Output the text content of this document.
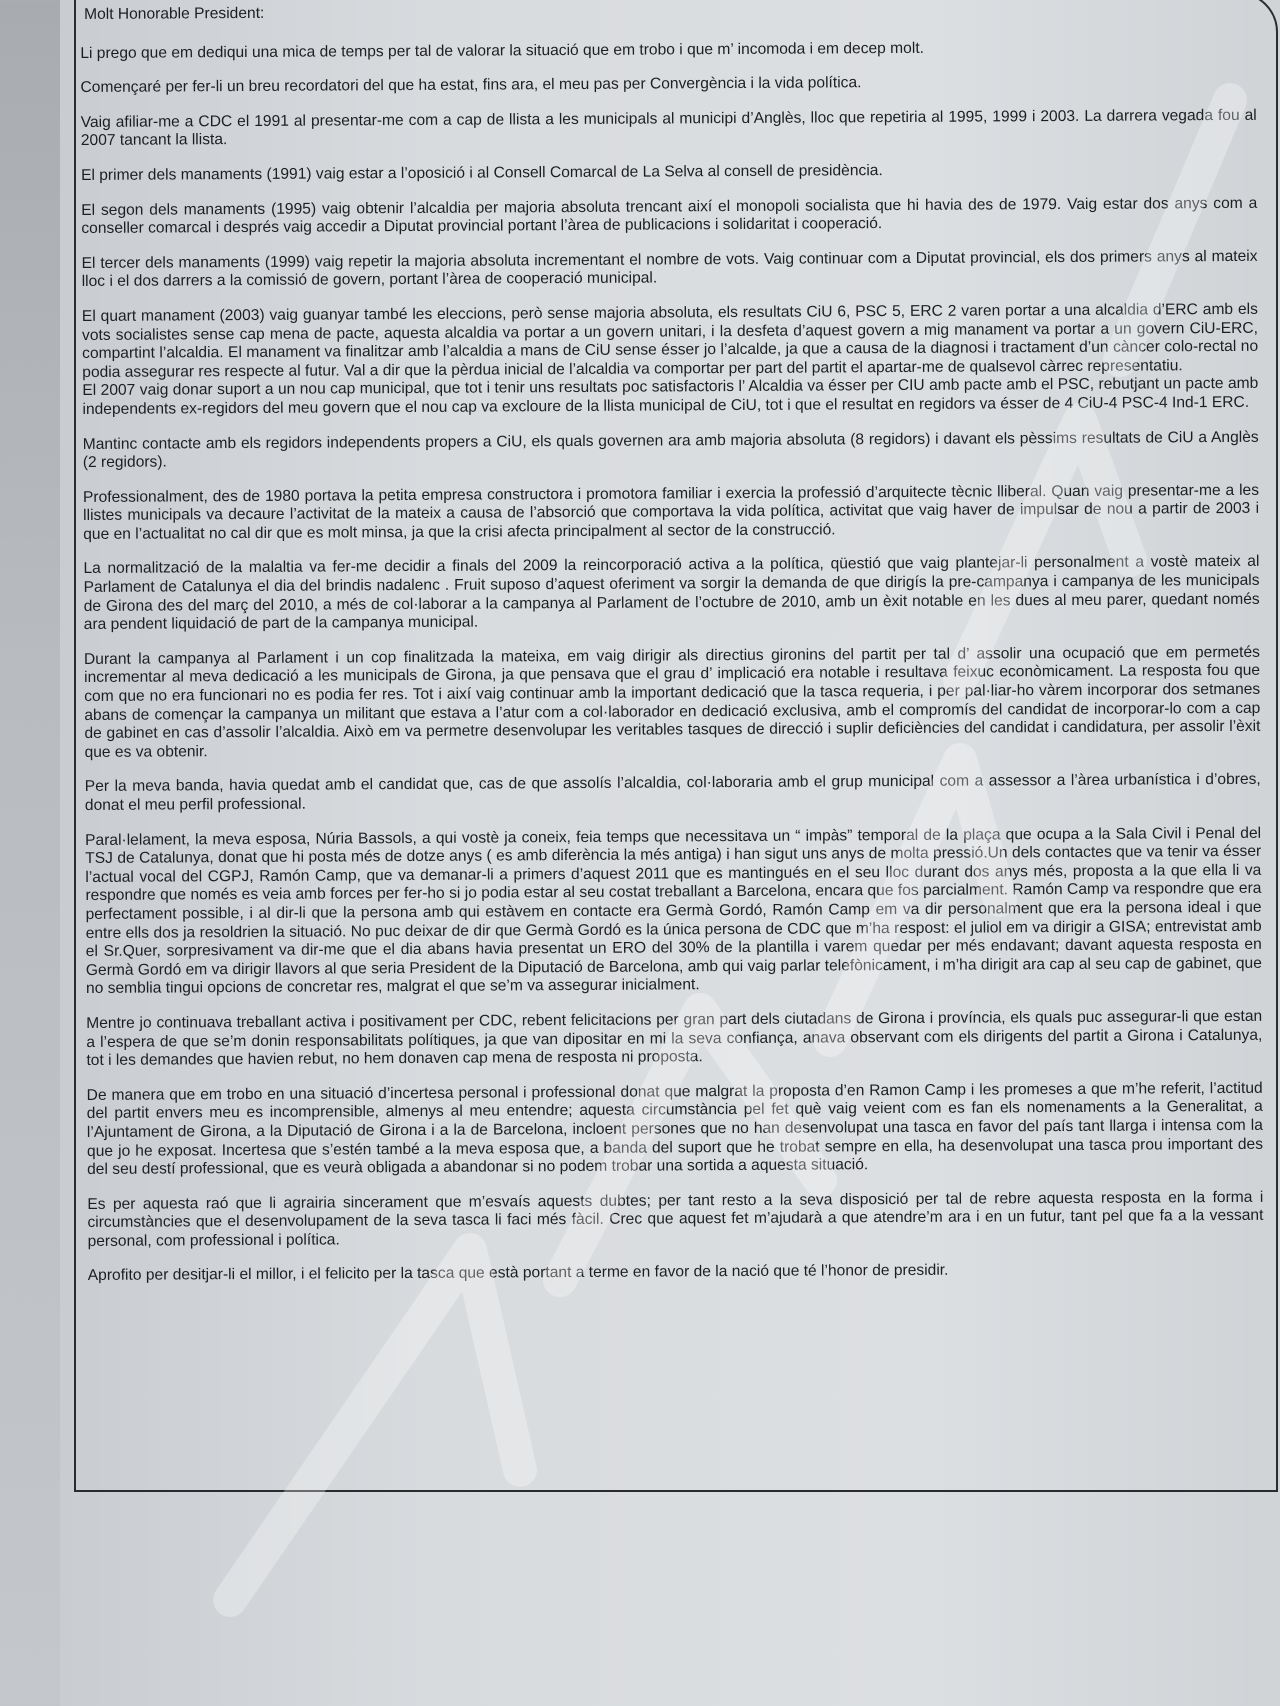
Molt Honorable President:

Li prego que em dediqui una mica de temps per tal de valorar la situació que em trobo i que m’ incomoda i em decep molt.

Començaré per fer-li un breu recordatori del que ha estat, fins ara, el meu pas per Convergència i la vida política.

Vaig afiliar-me a CDC el 1991 al presentar-me com a cap de llista a les municipals al municipi d’Anglès, lloc que repetiria al 1995, 1999 i 2003. La darrera vegada fou al 2007 tancant la llista.

El primer dels manaments (1991) vaig estar a l’oposició i al Consell Comarcal de La Selva al consell de presidència.

El segon dels manaments (1995) vaig obtenir l’alcaldia per majoria absoluta trencant així el monopoli socialista que hi havia des de 1979. Vaig estar dos anys com a conseller comarcal i després vaig accedir a Diputat provincial portant l’àrea de publicacions i solidaritat i cooperació.

El tercer dels manaments (1999) vaig repetir la majoria absoluta incrementant el nombre de vots. Vaig continuar com a Diputat provincial, els dos primers anys al mateix lloc i el dos darrers a la comissió de govern, portant l’àrea de cooperació municipal.

El quart manament (2003) vaig guanyar també les eleccions, però sense majoria absoluta, els resultats CiU 6, PSC 5, ERC 2 varen portar a una alcaldia d’ERC amb els vots socialistes sense cap mena de pacte, aquesta alcaldia va portar a un govern unitari, i la desfeta d’aquest govern a mig manament va portar a un govern CiU-ERC, compartint l’alcaldia. El manament va finalitzar amb l’alcaldia a mans de CiU sense ésser jo l’alcalde, ja que a causa de la diagnosi i tractament d’un càncer colo-rectal no podia assegurar res respecte al futur. Val a dir que la pèrdua inicial de l’alcaldia va comportar per part del partit el apartar-me de qualsevol càrrec representatiu.

El 2007 vaig donar suport a un nou cap municipal, que tot i tenir uns resultats poc satisfactoris l’ Alcaldia va ésser per CIU amb pacte amb el PSC, rebutjant un pacte amb independents ex-regidors del meu govern que el nou cap va excloure de la llista municipal de CiU, tot i que el resultat en regidors va ésser de 4 CiU-4 PSC-4 Ind-1 ERC.

Mantinc contacte amb els regidors independents propers a CiU, els quals governen ara amb majoria absoluta (8 regidors) i davant els pèssims resultats de CiU a Anglès (2 regidors).

Professionalment, des de 1980 portava la petita empresa constructora i promotora familiar i exercia la professió d’arquitecte tècnic lliberal. Quan vaig presentar-me a les llistes municipals va decaure l’activitat de la mateix a causa de l’absorció que comportava la vida política, activitat que vaig haver de impulsar de nou a partir de 2003 i que en l’actualitat no cal dir que es molt minsa, ja que la crisi afecta principalment al sector de la construcció.

La normalització de la malaltia va fer-me decidir a finals del 2009 la reincorporació activa a la política, qüestió que vaig plantejar-li personalment a vostè mateix al Parlament de Catalunya el dia del brindis nadalenc . Fruit suposo d’aquest oferiment va sorgir la demanda de que dirigís la pre-campanya i campanya de les municipals de Girona des del març del 2010, a més de col·laborar a la campanya al Parlament de l’octubre de 2010, amb un èxit notable en les dues al meu parer, quedant només ara pendent liquidació de part de la campanya municipal.

Durant la campanya al Parlament i un cop finalitzada la mateixa, em vaig dirigir als directius gironins del partit per tal d’ assolir una ocupació que em permetés incrementar al meva dedicació a les municipals de Girona, ja que pensava que el grau d’ implicació era notable i resultava feixuc econòmicament. La resposta fou que com que no era funcionari no es podia fer res. Tot i així vaig continuar amb la important dedicació que la tasca requeria, i per pal·liar-ho vàrem incorporar dos setmanes abans de començar la campanya un militant que estava a l’atur com a col·laborador en dedicació exclusiva, amb el compromís del candidat de incorporar-lo com a cap de gabinet en cas d’assolir l’alcaldia. Això em va permetre desenvolupar les veritables tasques de direcció i suplir deficiències del candidat i candidatura, per assolir l’èxit que es va obtenir.

Per la meva banda, havia quedat amb el candidat que, cas de que assolís l’alcaldia, col·laboraria amb el grup municipal com a assessor a l’àrea urbanística i d’obres, donat el meu perfil professional.

Paral·lelament, la meva esposa, Núria Bassols, a qui vostè ja coneix, feia temps que necessitava un “ impàs” temporal de la plaça que ocupa a la Sala Civil i Penal del TSJ de Catalunya, donat que hi posta més de dotze anys ( es amb diferència la més antiga) i han sigut uns anys de molta pressió.Un dels contactes que va tenir va ésser l’actual vocal del CGPJ, Ramón Camp, que va demanar-li a primers d’aquest 2011 que es mantingués en el seu lloc durant dos anys més, proposta a la que ella li va respondre que només es veia amb forces per fer-ho si jo podia estar al seu costat treballant a Barcelona, encara que fos parcialment. Ramón Camp va respondre que era perfectament possible, i al dir-li que la persona amb qui estàvem en contacte era Germà Gordó, Ramón Camp em va dir personalment que era la persona ideal i que entre ells dos ja resoldrien la situació. No puc deixar de dir que Germà Gordó es la única persona de CDC que m’ha respost: el juliol em va dirigir a GISA; entrevistat amb el Sr.Quer, sorpresivament va dir-me que el dia abans havia presentat un ERO del 30% de la plantilla i varem quedar per més endavant; davant aquesta resposta en Germà Gordó em va dirigir llavors al que seria President de la Diputació de Barcelona, amb qui vaig parlar telefònicament, i m’ha dirigit ara cap al seu cap de gabinet, que no semblia tingui opcions de concretar res, malgrat el que se’m va assegurar inicialment.

Mentre jo continuava treballant activa i positivament per CDC, rebent felicitacions per gran part dels ciutadans de Girona i província, els quals puc assegurar-li que estan a l’espera de que se’m donin responsabilitats polítiques, ja que van dipositar en mi la seva confiança, anava observant com els dirigents del partit a Girona i Catalunya, tot i les demandes que havien rebut, no hem donaven cap mena de resposta ni proposta.

De manera que em trobo en una situació d’incertesa personal i professional donat que malgrat la proposta d’en Ramon Camp i les promeses a que m’he referit, l’actitud del partit envers meu es incomprensible, almenys al meu entendre; aquesta circumstància pel fet què vaig veient com es fan els nomenaments a la Generalitat, a l’Ajuntament de Girona, a la Diputació de Girona i a la de Barcelona, incloent persones que no han desenvolupat una tasca en favor del país tant llarga i intensa com la que jo he exposat. Incertesa que s’estén també a la meva esposa que, a banda del suport que he trobat sempre en ella, ha desenvolupat una tasca prou important des del seu destí professional, que es veurà obligada a abandonar si no podem trobar una sortida a aquesta situació.

Es per aquesta raó que li agrairia sincerament que m’esvaís aquests dubtes; per tant resto a la seva disposició per tal de rebre aquesta resposta en la forma i circumstàncies que el desenvolupament de la seva tasca li faci més fàcil. Crec que aquest fet m’ajudarà a que atendre’m ara i en un futur, tant pel que fa a la vessant personal, com professional i política.

Aprofito per desitjar-li el millor, i el felicito per la tasca que està portant a terme en favor de la nació que té l’honor de presidir.
